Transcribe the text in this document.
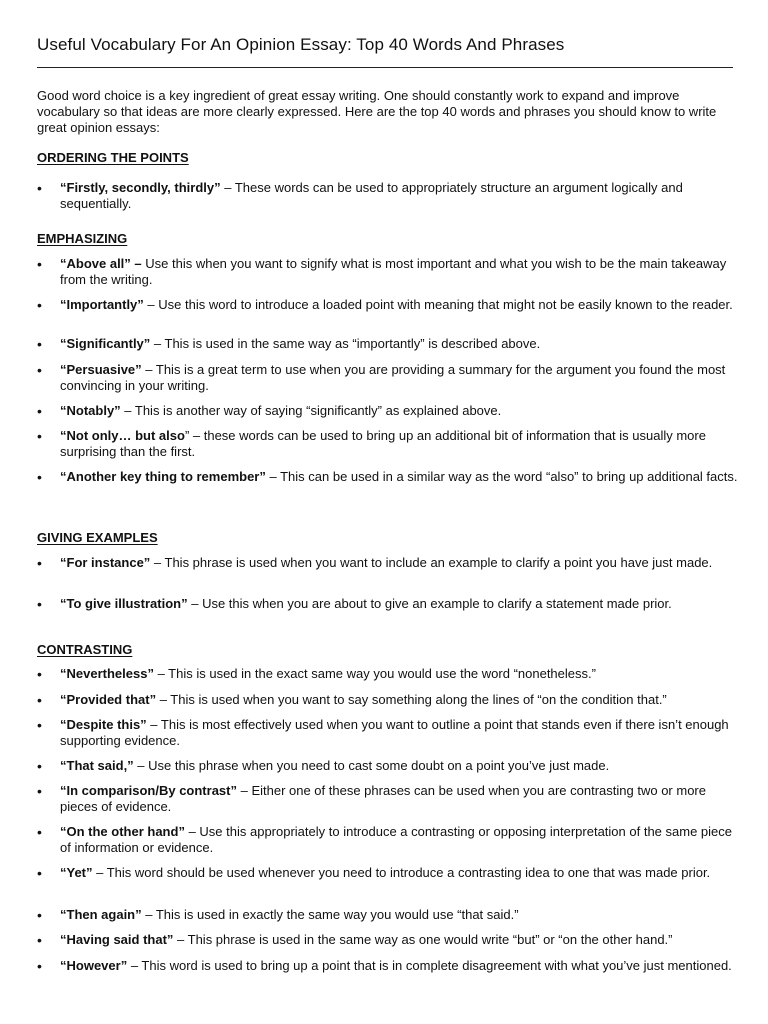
Useful Vocabulary For An Opinion Essay: Top 40 Words And Phrases
Good word choice is a key ingredient of great essay writing. One should constantly work to expand and improve vocabulary so that ideas are more clearly expressed. Here are the top 40 words and phrases you should know to write great opinion essays:
ORDERING THE POINTS
• “Firstly, secondly, thirdly” – These words can be used to appropriately structure an argument logically and sequentially.
EMPHASIZING
• “Above all” – Use this when you want to signify what is most important and what you wish to be the main takeaway from the writing.
• “Importantly” – Use this word to introduce a loaded point with meaning that might not be easily known to the reader.
• “Significantly” – This is used in the same way as “importantly” is described above.
• “Persuasive” – This is a great term to use when you are providing a summary for the argument you found the most convincing in your writing.
• “Notably” – This is another way of saying “significantly” as explained above.
• “Not only… but also” – these words can be used to bring up an additional bit of information that is usually more surprising than the first.
• “Another key thing to remember” – This can be used in a similar way as the word “also” to bring up additional facts.
GIVING EXAMPLES
• “For instance” – This phrase is used when you want to include an example to clarify a point you have just made.
• “To give illustration” – Use this when you are about to give an example to clarify a statement made prior.
CONTRASTING
• “Nevertheless” – This is used in the exact same way you would use the word “nonetheless.”
• “Provided that” – This is used when you want to say something along the lines of “on the condition that.”
• “Despite this” – This is most effectively used when you want to outline a point that stands even if there isn’t enough supporting evidence.
• “That said,” – Use this phrase when you need to cast some doubt on a point you’ve just made.
• “In comparison/By contrast” – Either one of these phrases can be used when you are contrasting two or more pieces of evidence.
• “On the other hand” – Use this appropriately to introduce a contrasting or opposing interpretation of the same piece of information or evidence.
• “Yet” – This word should be used whenever you need to introduce a contrasting idea to one that was made prior.
• “Then again” – This is used in exactly the same way you would use “that said.”
• “Having said that” – This phrase is used in the same way as one would write “but” or “on the other hand.”
• “However” – This word is used to bring up a point that is in complete disagreement with what you’ve just mentioned.
